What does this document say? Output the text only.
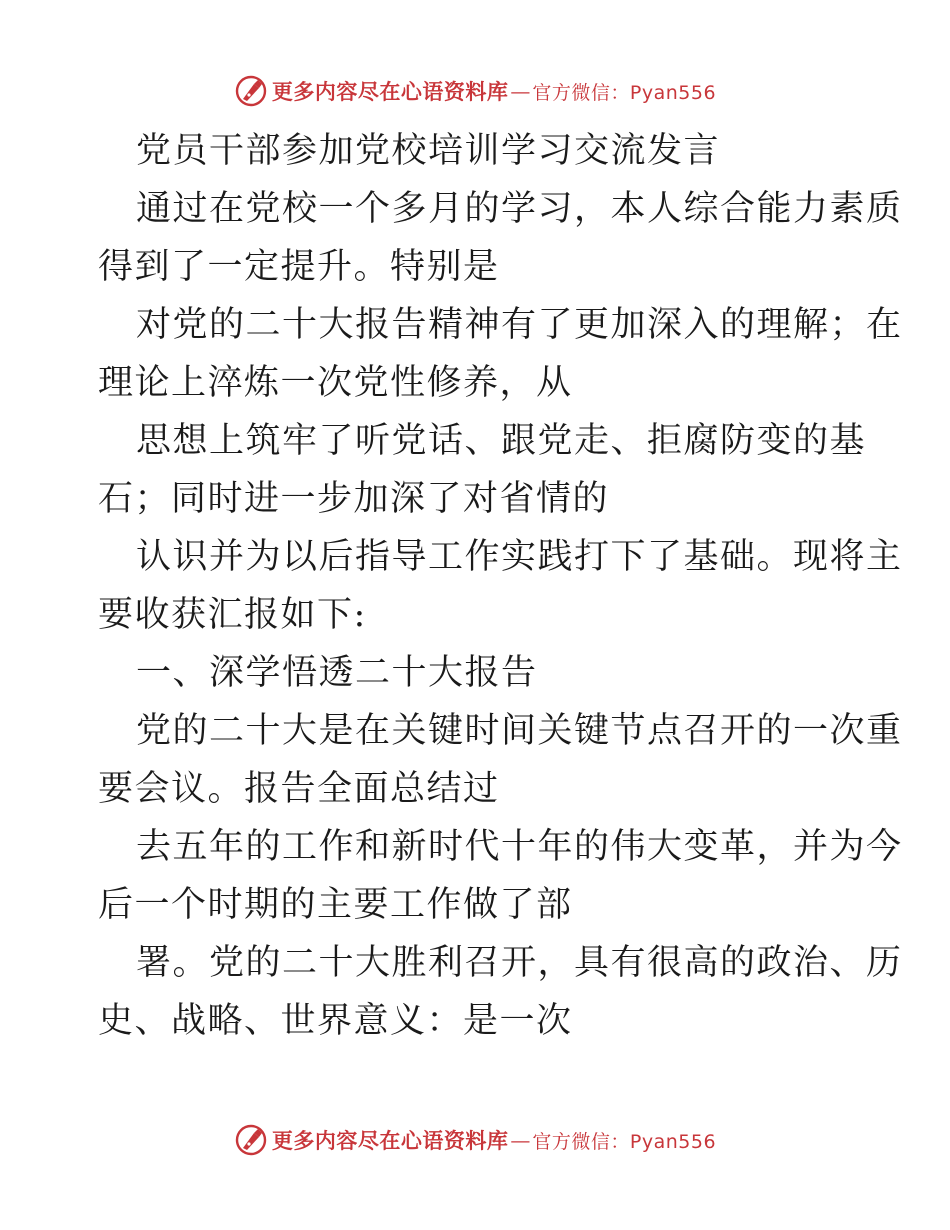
更多内容尽在心语资料库 — 官方微信：Pyan556
党员干部参加党校培训学习交流发言
通过在党校一个多月的学习，本人综合能力素质
得到了一定提升。特别是
对党的二十大报告精神有了更加深入的理解；在
理论上淬炼一次党性修养，从
思想上筑牢了听党话、跟党走、拒腐防变的基
石；同时进一步加深了对省情的
认识并为以后指导工作实践打下了基础。现将主
要收获汇报如下:
一、深学悟透二十大报告
党的二十大是在关键时间关键节点召开的一次重
要会议。报告全面总结过
去五年的工作和新时代十年的伟大变革，并为今
后一个时期的主要工作做了部
署。党的二十大胜利召开，具有很高的政治、历
史、战略、世界意义：是一次
更多内容尽在心语资料库 — 官方微信：Pyan556
